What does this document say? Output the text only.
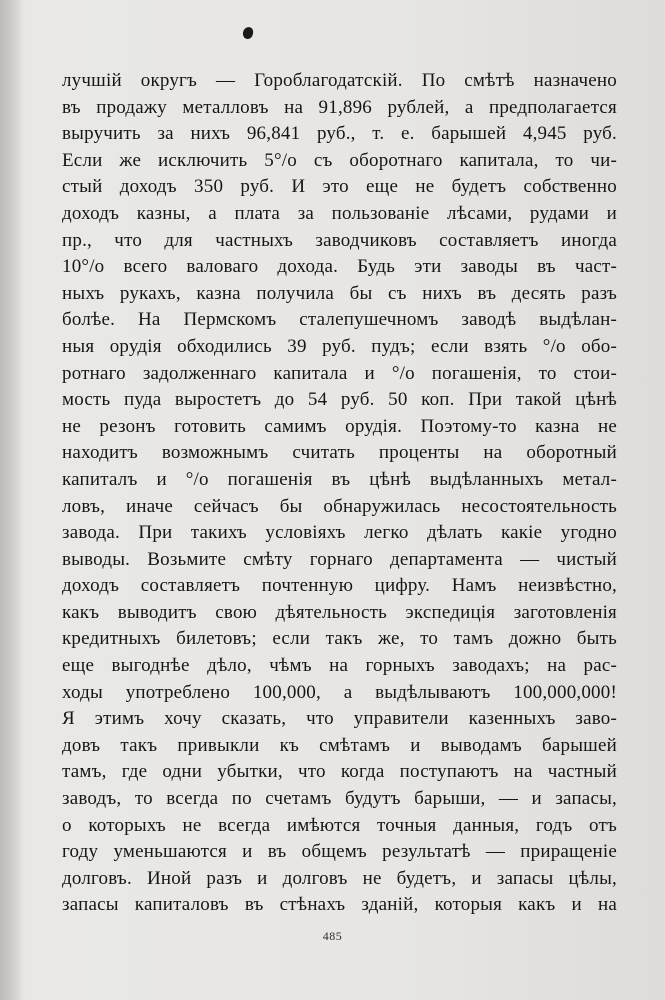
лучшій округъ — Гороблагодатскій. По смѣтѣ назначено
въ продажу металловъ на 91,896 рублей, а предполагается
выручить за нихъ 96,841 руб., т. е. барышей 4,945 руб.
Если же исключить 5°/о съ оборотнаго капитала, то чи-
стый доходъ 350 руб. И это еще не будетъ собственно
доходъ казны, а плата за пользованіе лѣсами, рудами и
пр., что для частныхъ заводчиковъ составляетъ иногда
10°/о всего валоваго дохода. Будь эти заводы въ част-
ныхъ рукахъ, казна получила бы съ нихъ въ десять разъ
болѣе. На Пермскомъ сталепушечномъ заводѣ выдѣлан-
ныя орудія обходились 39 руб. пудъ; если взять °/о обо-
ротнаго задолженнаго капитала и °/о погашенія, то стои-
мость пуда выростетъ до 54 руб. 50 коп. При такой цѣнѣ
не резонъ готовить самимъ орудія. Поэтому-то казна не
находитъ возможнымъ считать проценты на оборотный
капиталъ и °/о погашенія въ цѣнѣ выдѣланныхъ метал-
ловъ, иначе сейчасъ бы обнаружилась несостоятельность
завода. При такихъ условіяхъ легко дѣлать какіе угодно
выводы. Возьмите смѣту горнаго департамента — чистый
доходъ составляетъ почтенную цифру. Намъ неизвѣстно,
какъ выводитъ свою дѣятельность экспедиція заготовленія
кредитныхъ билетовъ; если такъ же, то тамъ дожно быть
еще выгоднѣе дѣло, чѣмъ на горныхъ заводахъ; на рас-
ходы употреблено 100,000, а выдѣлываютъ 100,000,000!
Я этимъ хочу сказать, что управители казенныхъ заво-
довъ такъ привыкли къ смѣтамъ и выводамъ барышей
тамъ, где одни убытки, что когда поступаютъ на частный
заводъ, то всегда по счетамъ будутъ барыши, — и запасы,
о которыхъ не всегда имѣются точныя данныя, годъ отъ
году уменьшаются и въ общемъ результатѣ — приращеніе
долговъ. Иной разъ и долговъ не будетъ, и запасы цѣлы,
запасы капиталовъ въ стѣнахъ зданій, которыя какъ и на
485
